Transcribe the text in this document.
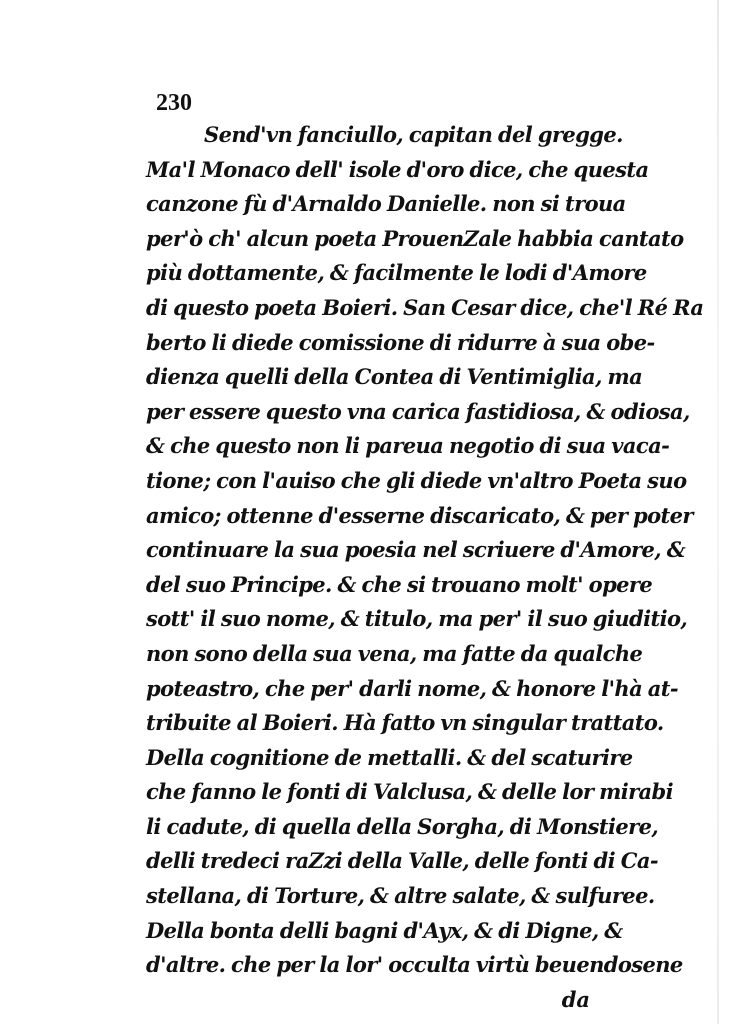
230
Send'vn fanciullo, capitan del gregge.
Ma'l Monaco dell' isole d'oro dice, che questa
canzone fù d'Arnaldo Danielle. non si troua
per'ò ch' alcun poeta ProuenZale habbia cantato
più dottamente, & facilmente le lodi d'Amore
di questo poeta Boieri. San Cesar dice, che'l Ré Ra
berto li diede comissione di ridurre à sua obe-
dienza quelli della Contea di Ventimiglia, ma
per essere questo vna carica fastidiosa, & odiosa,
& che questo non li pareua negotio di sua vaca-
tione; con l'auiso che gli diede vn'altro Poeta suo
amico; ottenne d'esserne discaricato, & per poter
continuare la sua poesia nel scriuere d'Amore, &
del suo Principe. & che si trouano molt' opere
sott' il suo nome, & titulo, ma per' il suo giuditio,
non sono della sua vena, ma fatte da qualche
poteastro, che per' darli nome, & honore l'hà at-
tribuite al Boieri. Hà fatto vn singular trattato.
Della cognitione de mettalli. & del scaturire
che fanno le fonti di Valclusa, & delle lor mirabi
li cadute, di quella della Sorgha, di Monstiere,
delli tredeci raZzi della Valle, delle fonti di Ca-
stellana, di Torture, & altre salate, & sulfuree.
Della bonta delli bagni d'Ayx, & di Digne, &
d'altre. che per la lor' occulta virtù beuendosene
da
